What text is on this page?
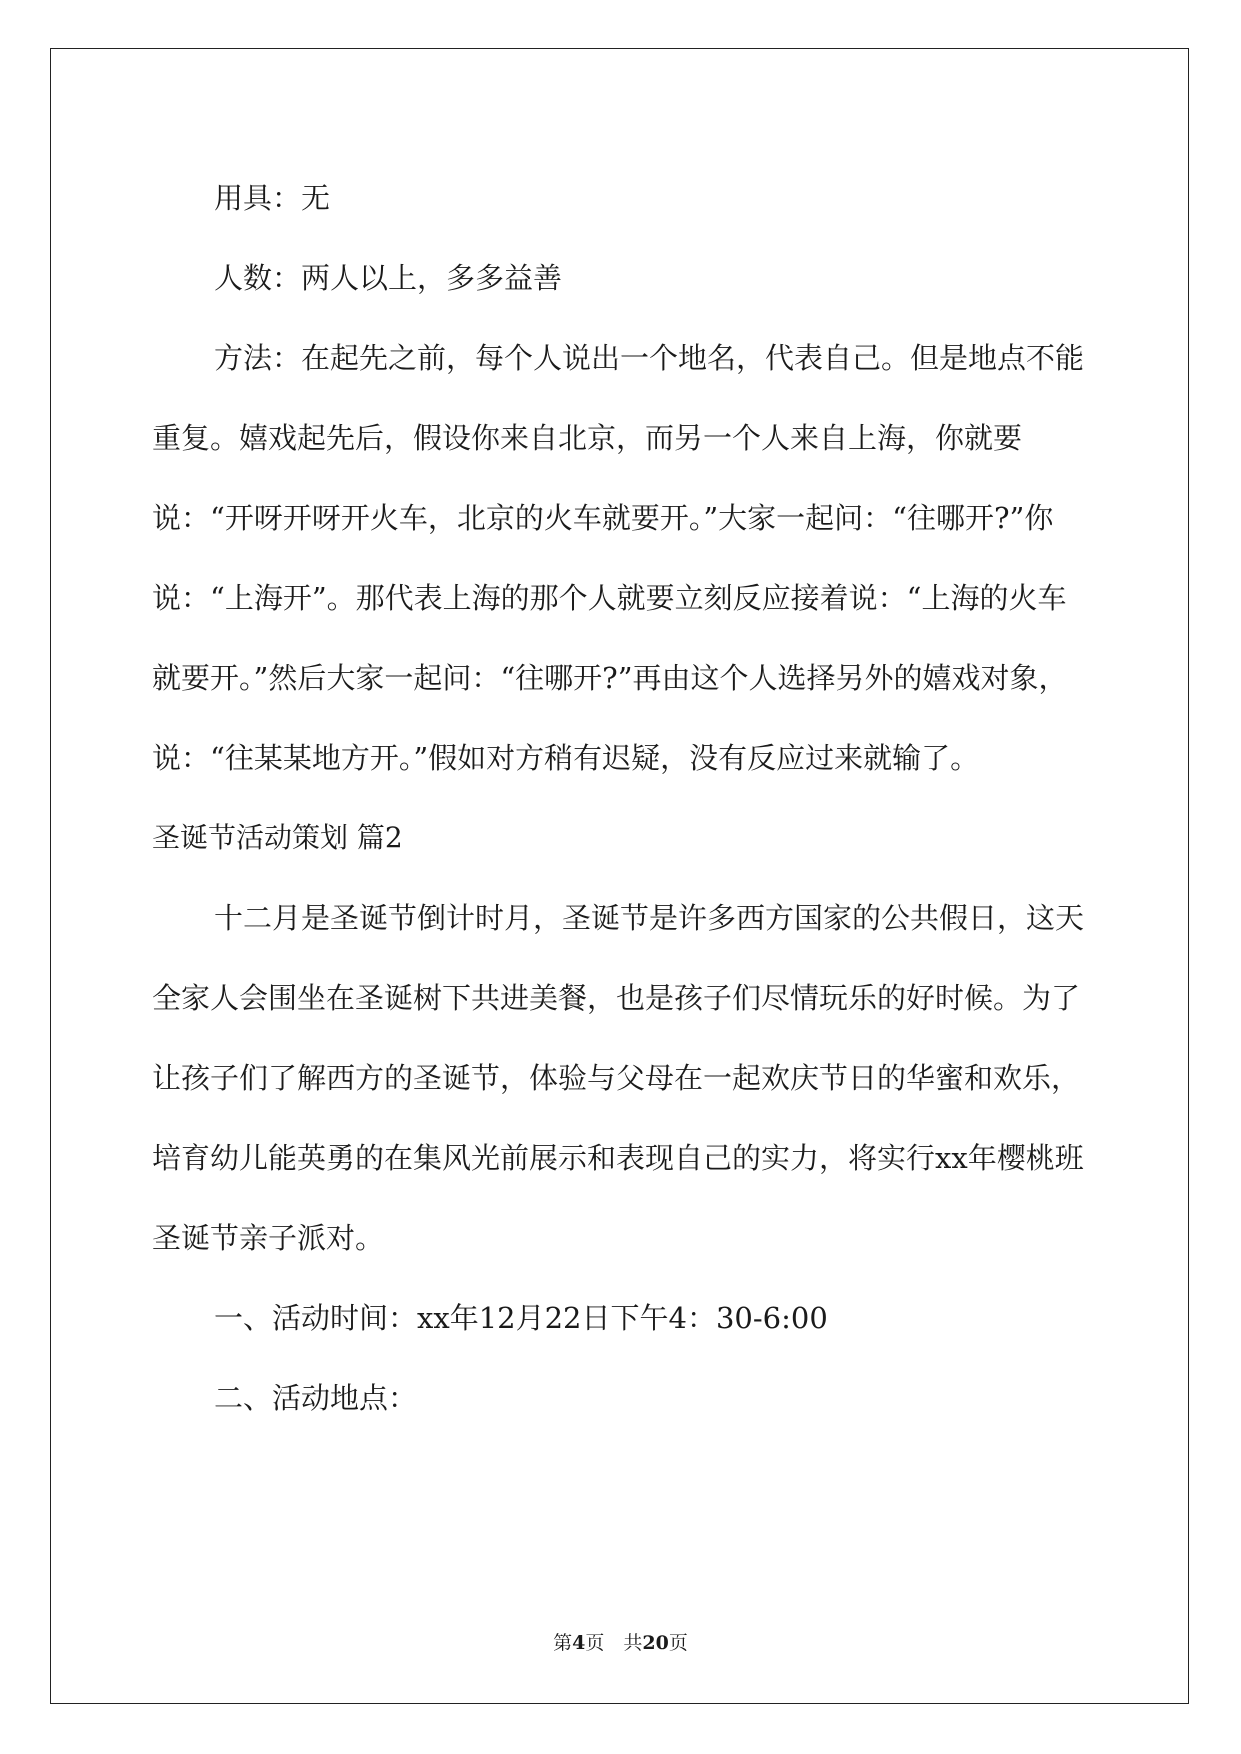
用具：无

人数：两人以上，多多益善

方法：在起先之前，每个人说出一个地名，代表自己。但是地点不能重复。嬉戏起先后，假设你来自北京，而另一个人来自上海，你就要说：“开呀开呀开火车，北京的火车就要开。”大家一起问：“往哪开?”你说：“上海开”。那代表上海的那个人就要立刻反应接着说：“上海的火车就要开。”然后大家一起问：“往哪开?”再由这个人选择另外的嬉戏对象，说：“往某某地方开。”假如对方稍有迟疑，没有反应过来就输了。

圣诞节活动策划 篇2

十二月是圣诞节倒计时月，圣诞节是许多西方国家的公共假日，这天全家人会围坐在圣诞树下共进美餐，也是孩子们尽情玩乐的好时候。为了让孩子们了解西方的圣诞节，体验与父母在一起欢庆节日的华蜜和欢乐，培育幼儿能英勇的在集风光前展示和表现自己的实力，将实行xx年樱桃班圣诞节亲子派对。

一、活动时间：xx年12月22日下午4：30-6:00

二、活动地点：

第4页　共20页
